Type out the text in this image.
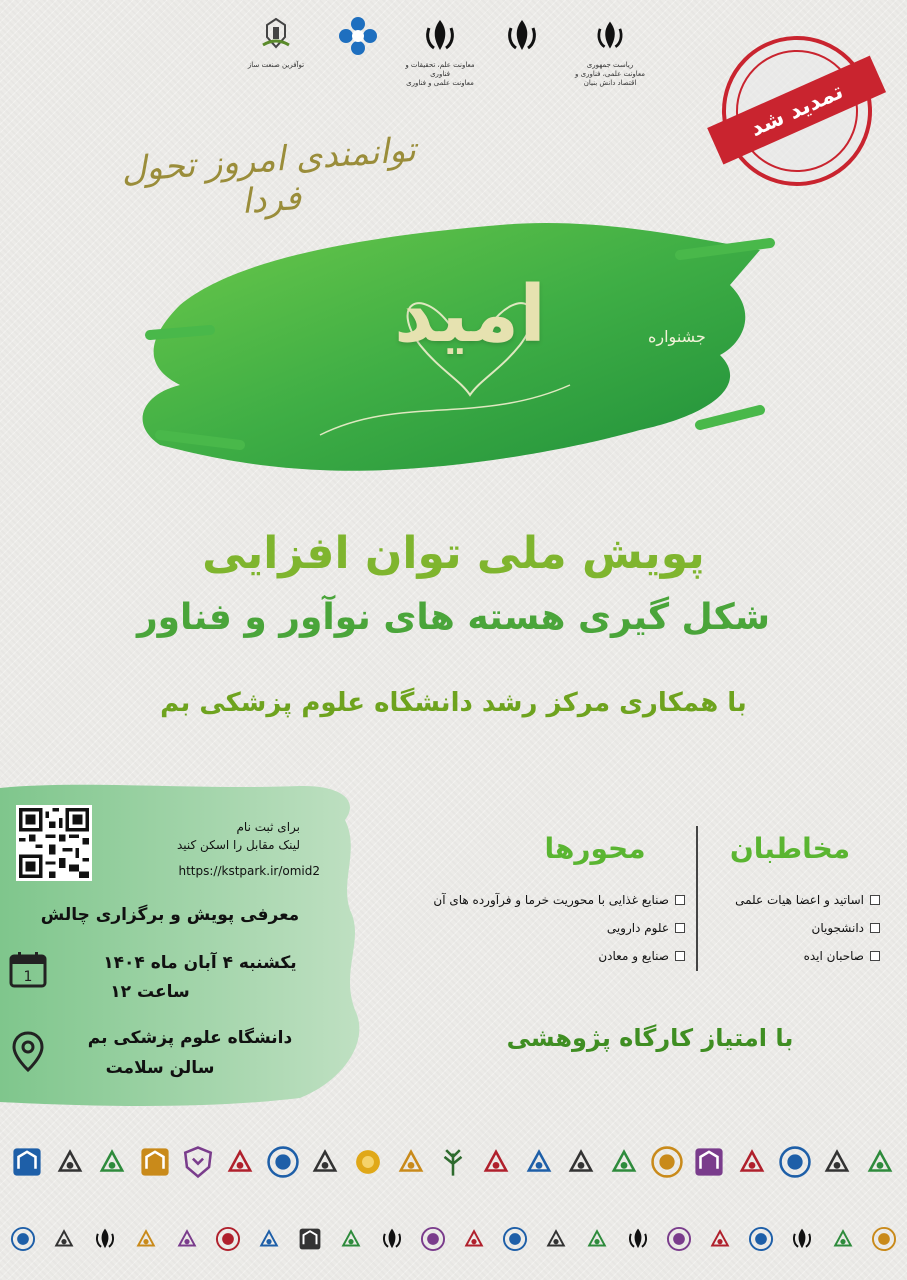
توآفرین صنعت ساز	معاونت علم، تحقیقات و فناوری
معاونت علمی و فناوری
ریاست جمهوری
معاونت علمی، فناوری و اقتصاد دانش بنیان	تمدید شد
توانمندی امروز تحول فردا
جشنواره
امید
پویش ملی توان افزایی
شکل گیری هسته های نوآور و فناور
با همکاری مرکز رشد دانشگاه علوم پزشکی بم
برای ثبت نام
لینک مقابل را اسکن کنید
https://kstpark.ir/omid2
معرفی پویش و برگزاری چالش
1
یکشنبه ۴ آبان ماه ۱۴۰۴
ساعت ۱۲
دانشگاه علوم پزشکی بم
سالن سلامت
مخاطبان
محورها
اساتید و اعضا هیات علمی
دانشجویان
صاحبان ایده
صنایع غذایی با محوریت خرما و فرآورده های آن
علوم دارویی
صنایع و معادن
با امتیاز کارگاه پژوهشی
